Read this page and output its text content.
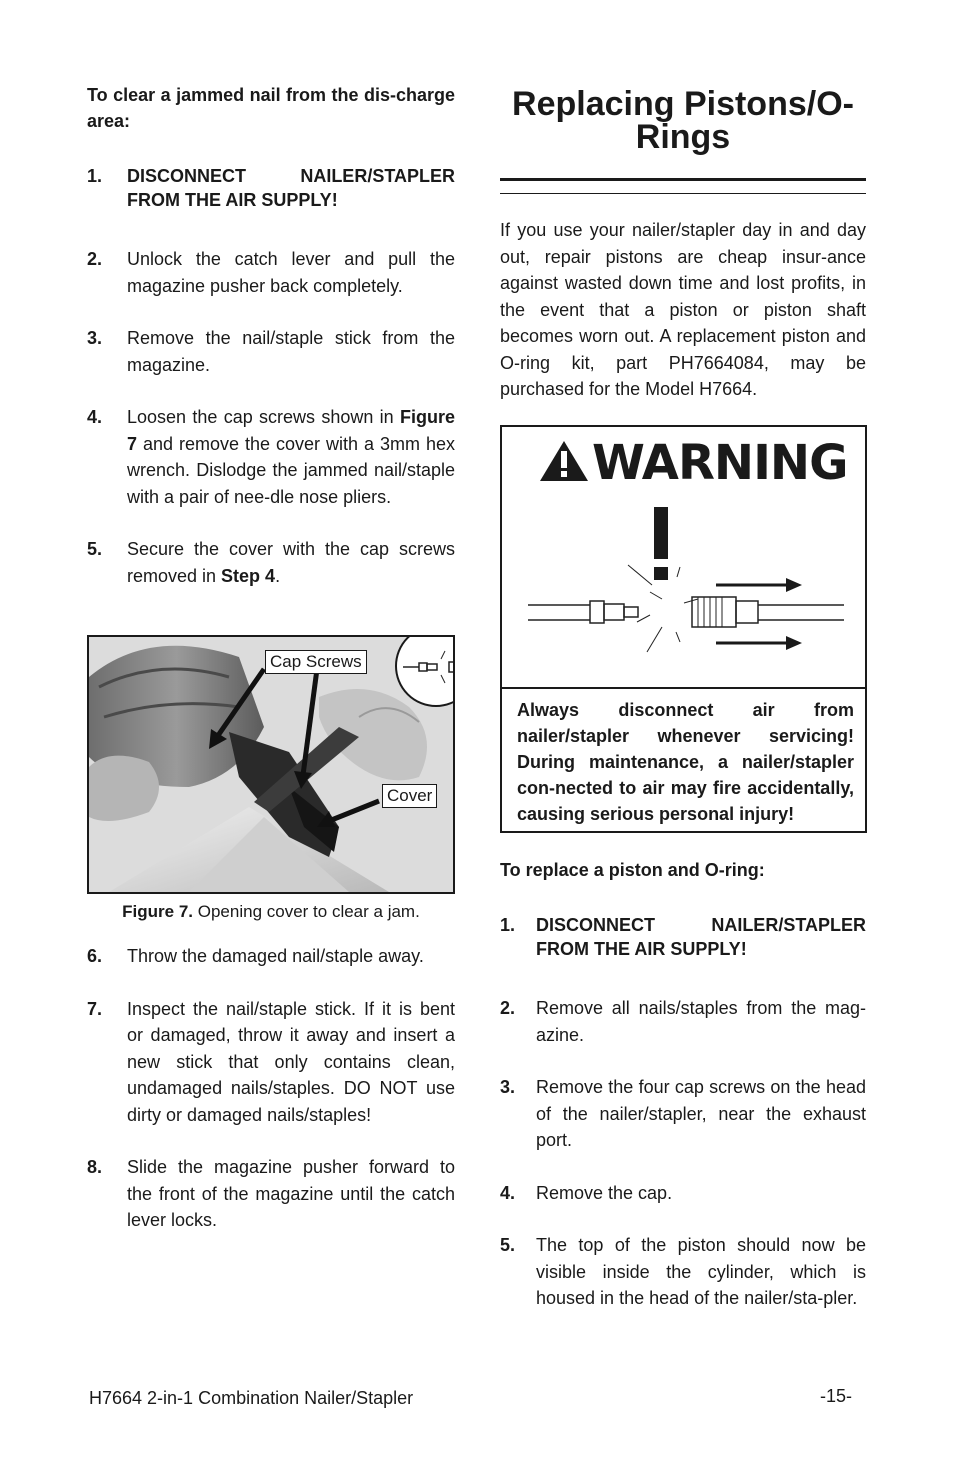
To clear a jammed nail from the dis-charge area:

1. DISCONNECT NAILER/STAPLER FROM THE AIR SUPPLY!
2. Unlock the catch lever and pull the magazine pusher back completely.
3. Remove the nail/staple stick from the magazine.
4. Loosen the cap screws shown in Figure 7 and remove the cover with a 3mm hex wrench. Dislodge the jammed nail/staple with a pair of nee-dle nose pliers.
5. Secure the cover with the cap screws removed in Step 4.
Cap Screws
Cover
Figure 7. Opening cover to clear a jam.
6. Throw the damaged nail/staple away.
7. Inspect the nail/staple stick. If it is bent or damaged, throw it away and insert a new stick that only contains clean, undamaged nails/staples. DO NOT use dirty or damaged nails/staples!
8. Slide the magazine pusher forward to the front of the magazine until the catch lever locks.
Replacing Pistons/O-
Rings

If you use your nailer/stapler day in and day out, repair pistons are cheap insur-ance against wasted down time and lost profits, in the event that a piston or piston shaft becomes worn out. A replacement piston and O-ring kit, part PH7664084, may be purchased for the Model H7664.

WARNING
Always disconnect air from nailer/stapler whenever servicing! During maintenance, a nailer/stapler con-nected to air may fire accidentally, causing serious personal injury!

To replace a piston and O-ring:

1. DISCONNECT NAILER/STAPLER FROM THE AIR SUPPLY!
2. Remove all nails/staples from the mag-azine.
3. Remove the four cap screws on the head of the nailer/stapler, near the exhaust port.
4. Remove the cap.
5. The top of the piston should now be visible inside the cylinder, which is housed in the head of the nailer/sta-pler.
H7664 2-in-1 Combination Nailer/Stapler	-15-
